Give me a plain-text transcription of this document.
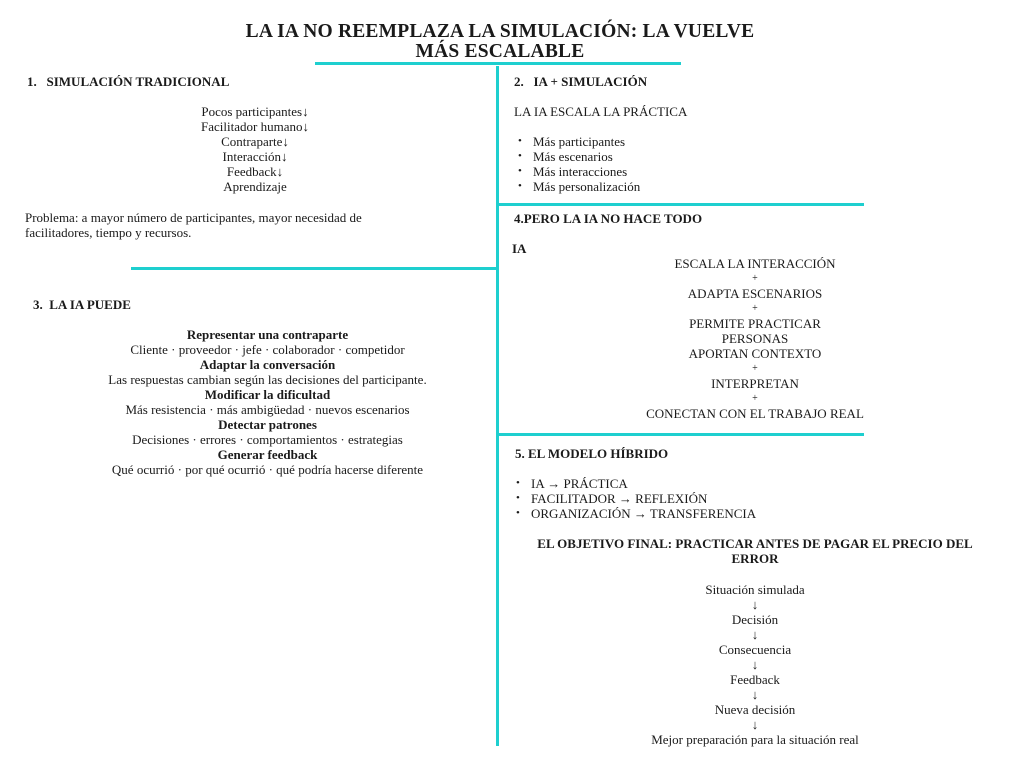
LA IA NO REEMPLAZA LA SIMULACIÓN: LA VUELVE
MÁS ESCALABLE
1. SIMULACIÓN TRADICIONAL
Pocos participantes↓
Facilitador humano↓
Contraparte↓
Interacción↓
Feedback↓
Aprendizaje
Problema: a mayor número de participantes, mayor necesidad de facilitadores, tiempo y recursos.
3. LA IA PUEDE
Representar una contraparte
Cliente · proveedor · jefe · colaborador · competidor
Adaptar la conversación
Las respuestas cambian según las decisiones del participante.
Modificar la dificultad
Más resistencia · más ambigüedad · nuevos escenarios
Detectar patrones
Decisiones · errores · comportamientos · estrategias
Generar feedback
Qué ocurrió · por qué ocurrió · qué podría hacerse diferente
2. IA + SIMULACIÓN
LA IA ESCALA LA PRÁCTICA
• Más participantes
• Más escenarios
• Más interacciones
• Más personalización
4.PERO LA IA NO HACE TODO
IA
ESCALA LA INTERACCIÓN
+
ADAPTA ESCENARIOS
+
PERMITE PRACTICAR
PERSONAS
APORTAN CONTEXTO
+
INTERPRETAN
+
CONECTAN CON EL TRABAJO REAL
5. EL MODELO HÍBRIDO
• IA → PRÁCTICA
• FACILITADOR → REFLEXIÓN
• ORGANIZACIÓN → TRANSFERENCIA
EL OBJETIVO FINAL: PRACTICAR ANTES DE PAGAR EL PRECIO DEL
ERROR
Situación simulada
↓
Decisión
↓
Consecuencia
↓
Feedback
↓
Nueva decisión
↓
Mejor preparación para la situación real
